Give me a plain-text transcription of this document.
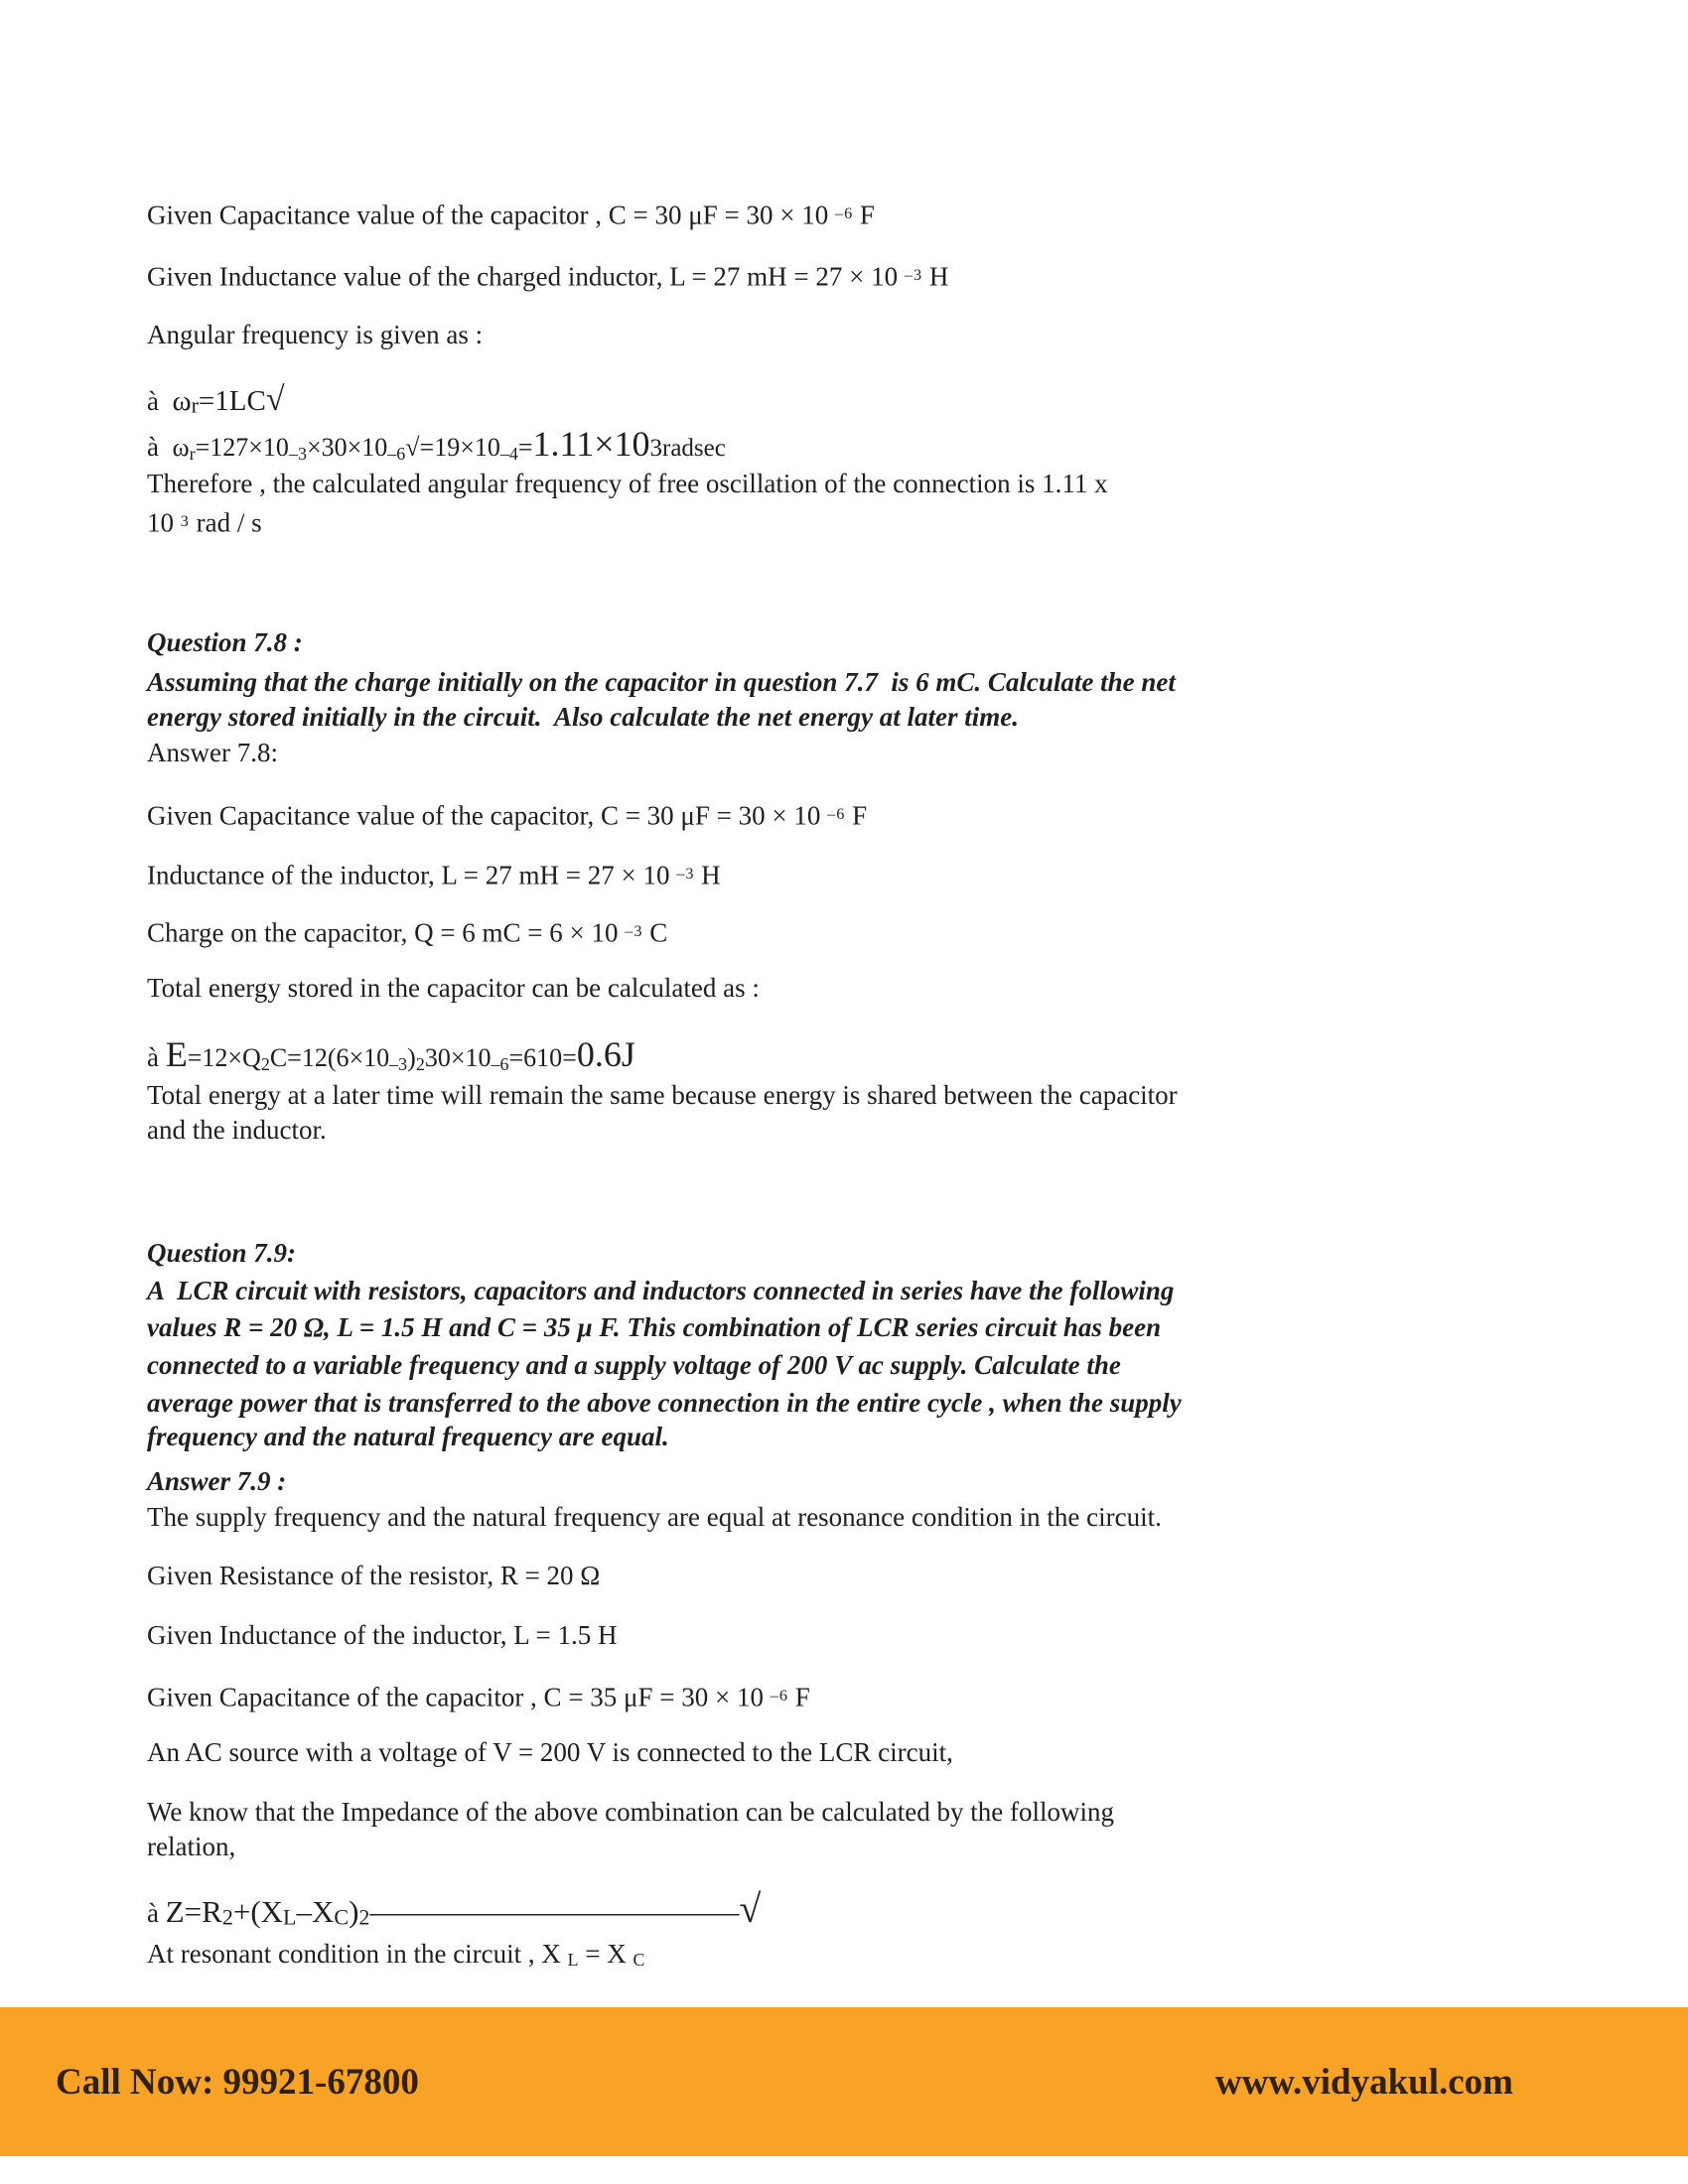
Given Capacitance value of the capacitor , C = 30 μF = 30 × 10 $^{-6}$ F
Given Inductance value of the charged inductor, L = 27 mH = 27 × 10 $^{-3}$ H
Angular frequency is given as :
à  ωr=1LC√
à  ωr=127×10–3×30×10–6√=19×10–4=1.11×103radsec
Therefore , the calculated angular frequency of free oscillation of the connection is 1.11 x
10 $^3$ rad / s
Question 7.8 :
Assuming that the charge initially on the capacitor in question 7.7  is 6 mC. Calculate the net
energy stored initially in the circuit.  Also calculate the net energy at later time.
Answer 7.8:
Given Capacitance value of the capacitor, C = 30 μF = 30 × 10 $^{-6}$ F
Inductance of the inductor, L = 27 mH = 27 × 10 $^{-3}$ H
Charge on the capacitor, Q = 6 mC = 6 × 10 $^{-3}$ C
Total energy stored in the capacitor can be calculated as :
à E=12×Q2C=12(6×10–3)230×10–6=610=0.6J
Total energy at a later time will remain the same because energy is shared between the capacitor
and the inductor.
Question 7.9:
A  LCR circuit with resistors, capacitors and inductors connected in series have the following
values R = 20 Ω, L = 1.5 H and C = 35 μ F. This combination of LCR series circuit has been
connected to a variable frequency and a supply voltage of 200 V ac supply. Calculate the
average power that is transferred to the above connection in the entire cycle , when the supply
frequency and the natural frequency are equal.
Answer 7.9 :
The supply frequency and the natural frequency are equal at resonance condition in the circuit.
Given Resistance of the resistor, R = 20 Ω
Given Inductance of the inductor, L = 1.5 H
Given Capacitance of the capacitor , C = 35 μF = 30 × 10 $^{-6}$ F
An AC source with a voltage of V = 200 V is connected to the LCR circuit,
We know that the Impedance of the above combination can be calculated by the following
relation,
à Z=R2+(XL–XC)2––––––––––––––––––––––––√
At resonant condition in the circuit , X L = X C
Call Now: 99921-67800	www.vidyakul.com
